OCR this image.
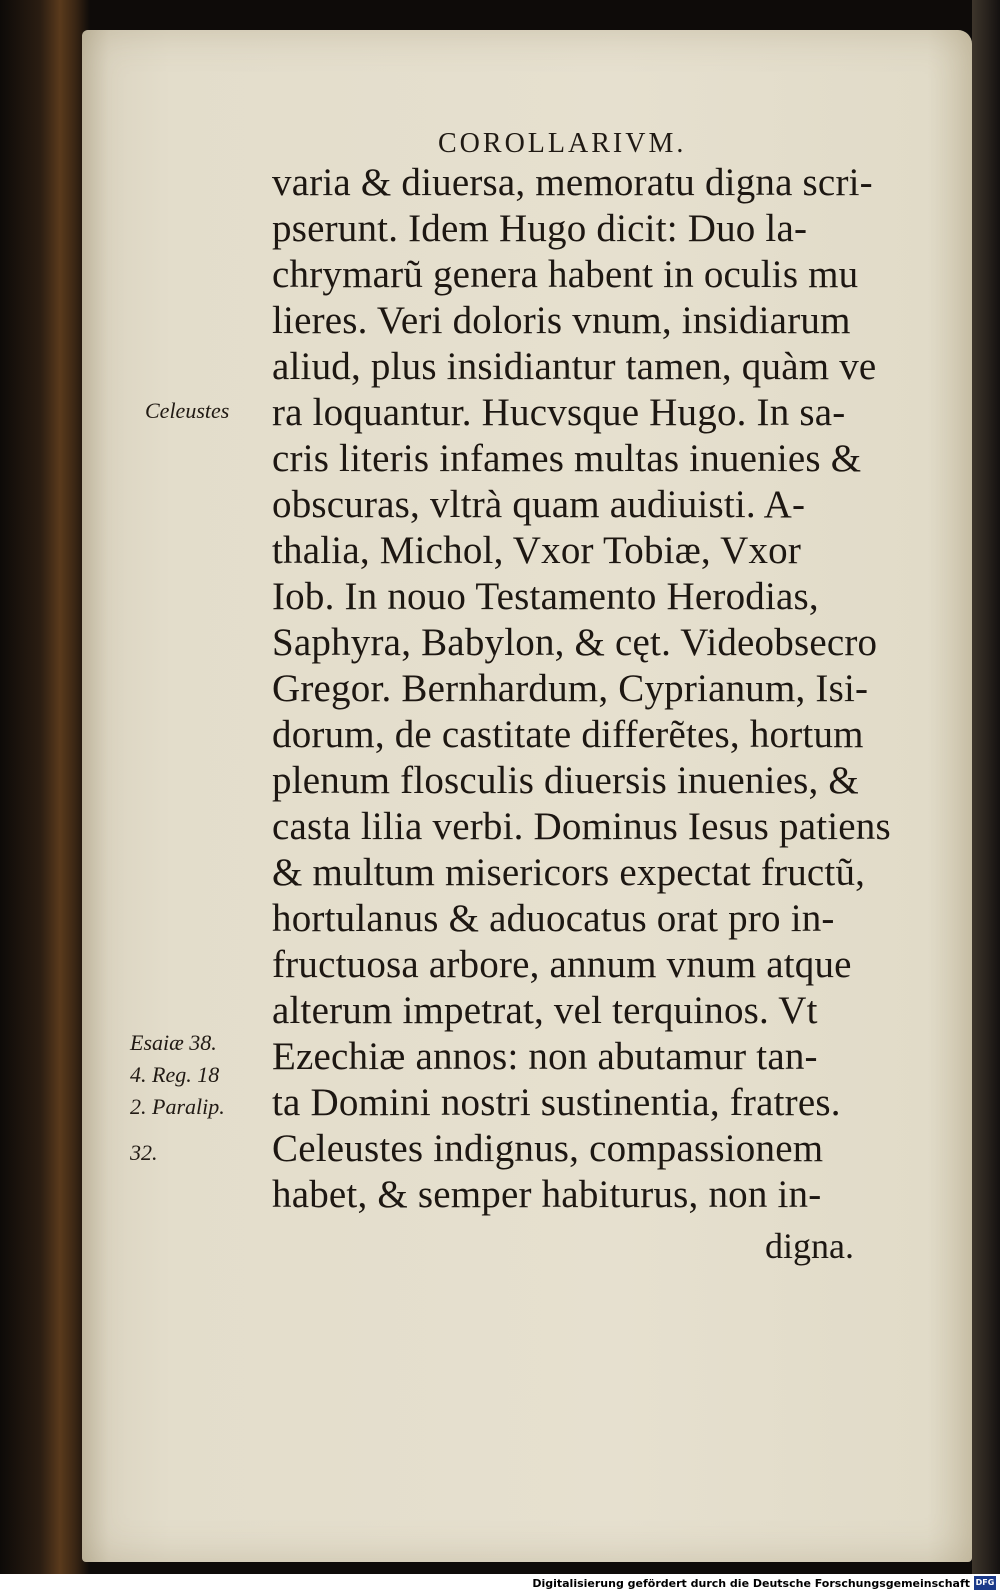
COROLLARIVM.
Celeustes
Esaiæ 38.
4. Reg. 18
2. Paralip.
32.
varia & diuersa, memoratu digna scri-
pserunt. Idem Hugo dicit: Duo la-
chrymarũ genera habent in oculis mu
lieres. Veri doloris vnum, insidiarum
aliud, plus insidiantur tamen, quàm ve
ra loquantur. Hucvsque Hugo. In sa-
cris literis infames multas inuenies &
obscuras, vltrà quam audiuisti. A-
thalia, Michol, Vxor Tobiæ, Vxor
Iob. In nouo Testamento Herodias,
Saphyra, Babylon, & cęt. Videobsecro
Gregor. Bernhardum, Cyprianum, Isi-
dorum, de castitate differẽtes, hortum
plenum flosculis diuersis inuenies, &
casta lilia verbi. Dominus Iesus patiens
& multum misericors expectat fructũ,
hortulanus & aduocatus orat pro in-
fructuosa arbore, annum vnum atque
alterum impetrat, vel terquinos. Vt
Ezechiæ annos: non abutamur tan-
ta Domini nostri sustinentia, fratres.
Celeustes indignus, compassionem
habet, & semper habiturus, non in-
digna.
Digitalisierung gefördert durch die Deutsche Forschungsgemeinschaft DFG
